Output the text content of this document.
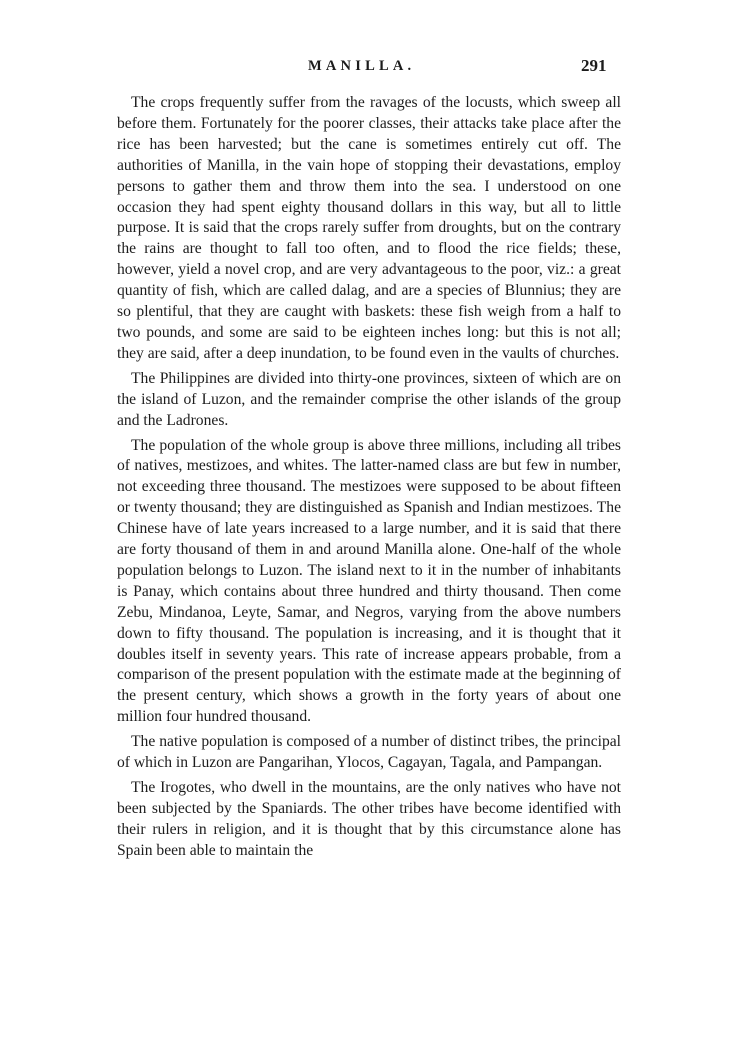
MANILLA.	291

The crops frequently suffer from the ravages of the locusts, which sweep all before them. Fortunately for the poorer classes, their attacks take place after the rice has been harvested; but the cane is sometimes entirely cut off. The authorities of Manilla, in the vain hope of stopping their devastations, employ persons to gather them and throw them into the sea. I understood on one occasion they had spent eighty thousand dollars in this way, but all to little purpose. It is said that the crops rarely suffer from droughts, but on the contrary the rains are thought to fall too often, and to flood the rice fields; these, however, yield a novel crop, and are very advantageous to the poor, viz.: a great quantity of fish, which are called dalag, and are a species of Blunnius; they are so plentiful, that they are caught with baskets: these fish weigh from a half to two pounds, and some are said to be eighteen inches long: but this is not all; they are said, after a deep inundation, to be found even in the vaults of churches.

The Philippines are divided into thirty-one provinces, sixteen of which are on the island of Luzon, and the remainder comprise the other islands of the group and the Ladrones.

The population of the whole group is above three millions, including all tribes of natives, mestizoes, and whites. The latter-named class are but few in number, not exceeding three thousand. The mestizoes were supposed to be about fifteen or twenty thousand; they are distinguished as Spanish and Indian mestizoes. The Chinese have of late years increased to a large number, and it is said that there are forty thousand of them in and around Manilla alone. One-half of the whole population belongs to Luzon. The island next to it in the number of inhabitants is Panay, which contains about three hundred and thirty thousand. Then come Zebu, Mindanoa, Leyte, Samar, and Negros, varying from the above numbers down to fifty thousand. The population is increasing, and it is thought that it doubles itself in seventy years. This rate of increase appears probable, from a comparison of the present population with the estimate made at the beginning of the present century, which shows a growth in the forty years of about one million four hundred thousand.

The native population is composed of a number of distinct tribes, the principal of which in Luzon are Pangarihan, Ylocos, Cagayan, Tagala, and Pampangan.

The Irogotes, who dwell in the mountains, are the only natives who have not been subjected by the Spaniards. The other tribes have become identified with their rulers in religion, and it is thought that by this circumstance alone has Spain been able to maintain the
